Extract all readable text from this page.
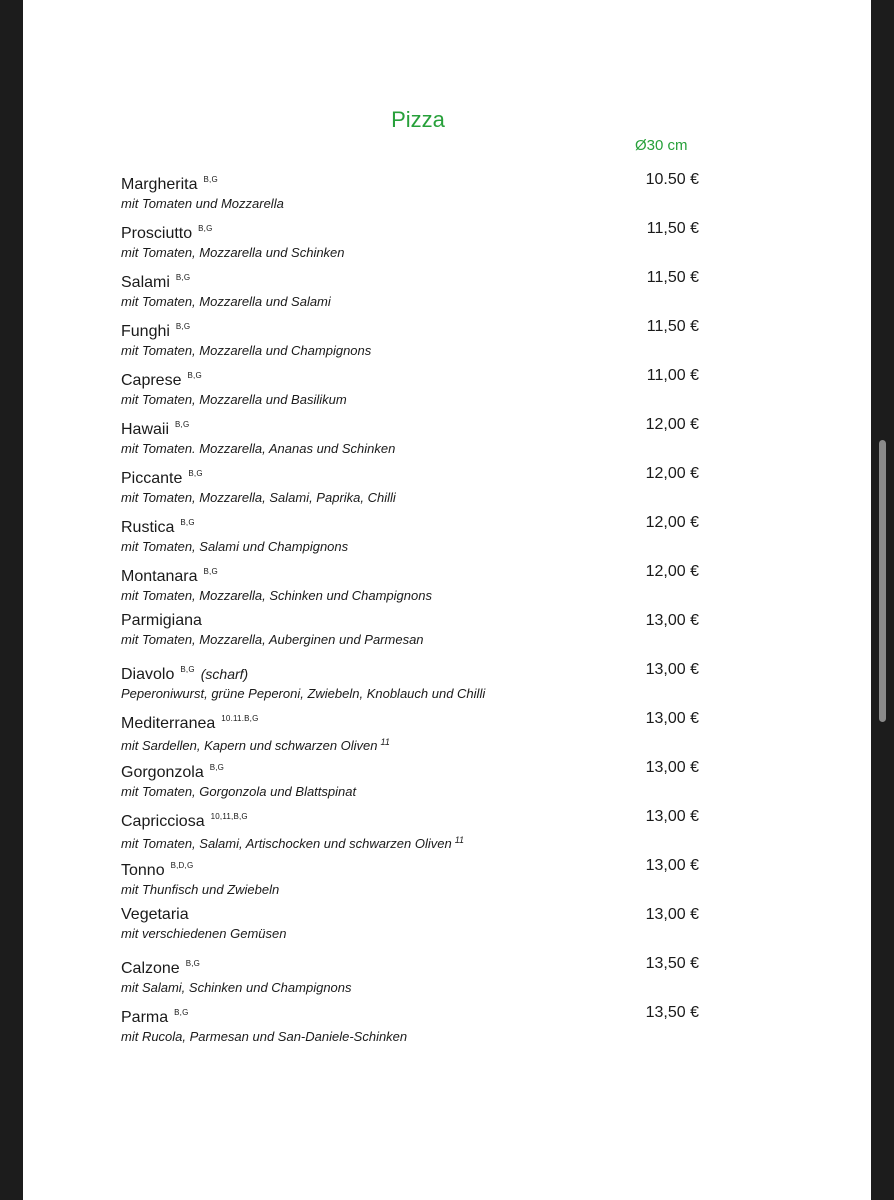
Pizza
Ø30 cm
Margherita $^{B,G}$
mit Tomaten und Mozzarella
10.50 €
Prosciutto $^{B,G}$
mit Tomaten, Mozzarella und Schinken
11,50 €
Salami $^{B,G}$
mit Tomaten, Mozzarella und Salami
11,50 €
Funghi $^{B,G}$
mit Tomaten, Mozzarella und Champignons
11,50 €
Caprese $^{B,G}$
mit Tomaten, Mozzarella und Basilikum
11,00 €
Hawaii $^{B,G}$
mit Tomaten. Mozzarella, Ananas und Schinken
12,00 €
Piccante $^{B,G}$
mit Tomaten, Mozzarella, Salami, Paprika, Chilli
12,00 €
Rustica $^{B,G}$
mit Tomaten, Salami und Champignons
12,00 €
Montanara $^{B,G}$
mit Tomaten, Mozzarella, Schinken und Champignons
12,00 €
Parmigiana
mit Tomaten, Mozzarella, Auberginen und Parmesan
13,00 €
Diavolo $^{B,G}$ (scharf)
Peperoniwurst, grüne Peperoni, Zwiebeln, Knoblauch und Chilli
13,00 €
Mediterranea $^{10.11.B,G}$
mit Sardellen, Kapern und schwarzen Oliven $^{11}$
13,00 €
Gorgonzola $^{B,G}$
mit Tomaten, Gorgonzola und Blattspinat
13,00 €
Capricciosa $^{10,11,B,G}$
mit Tomaten, Salami, Artischocken und schwarzen Oliven $^{11}$
13,00 €
Tonno $^{B,D,G}$
mit Thunfisch und Zwiebeln
13,00 €
Vegetaria
mit verschiedenen Gemüsen
13,00 €
Calzone $^{B,G}$
mit Salami, Schinken und Champignons
13,50 €
Parma $^{B,G}$
mit Rucola, Parmesan und San-Daniele-Schinken
13,50 €
